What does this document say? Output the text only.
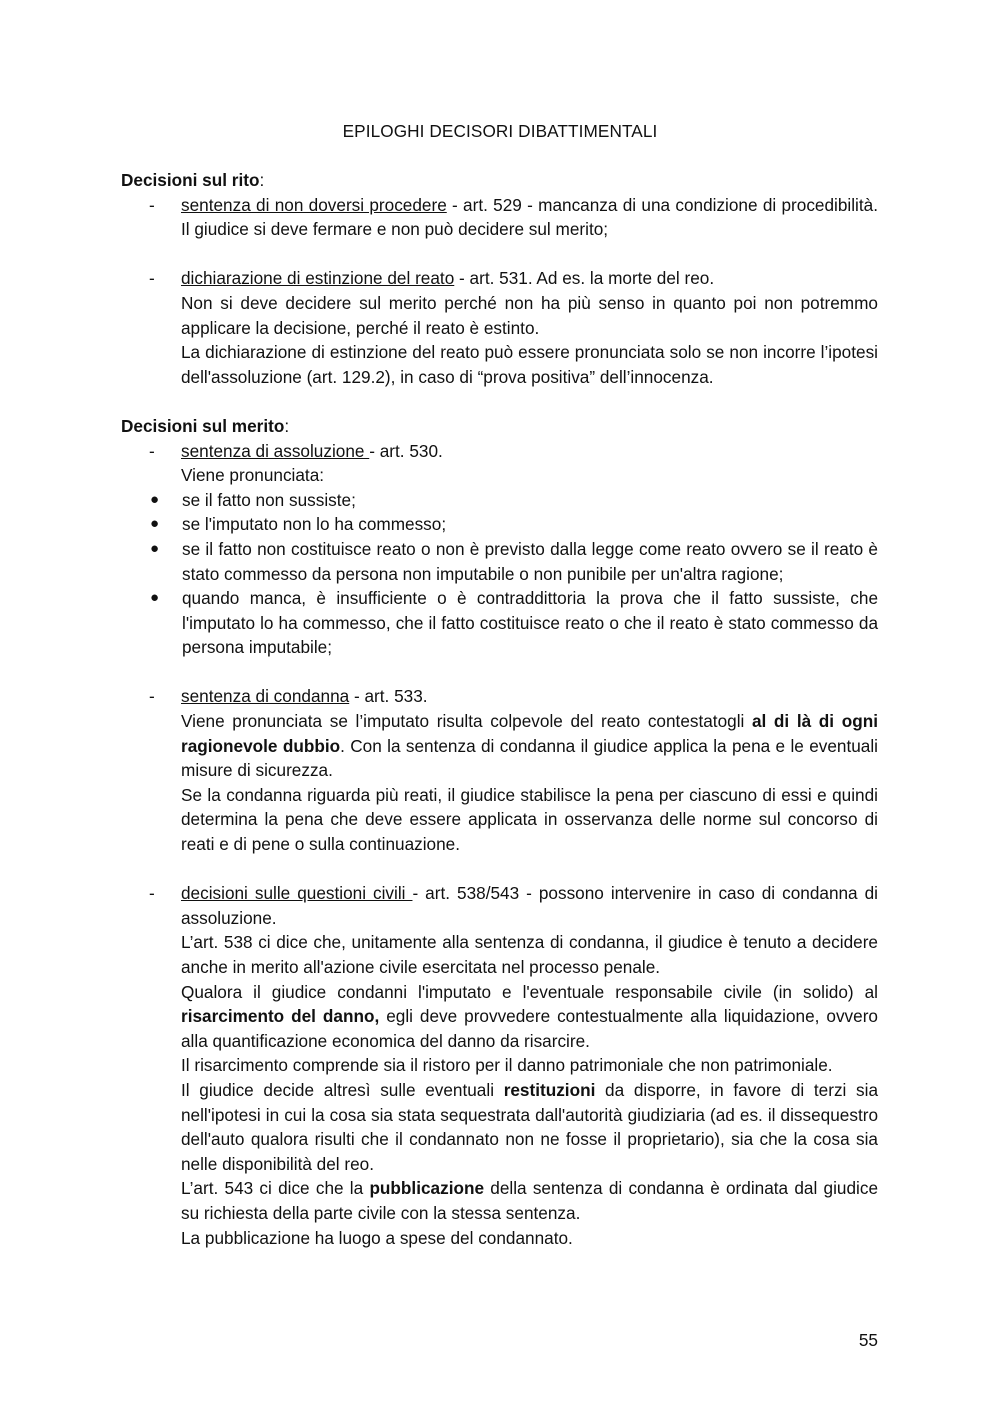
EPILOGHI DECISORI DIBATTIMENTALI

Decisioni sul rito:

- sentenza di non doversi procedere - art. 529 - mancanza di una condizione di procedibilità. Il giudice si deve fermare e non può decidere sul merito;

- dichiarazione di estinzione del reato - art. 531. Ad es. la morte del reo.

Non si deve decidere sul merito perché non ha più senso in quanto poi non potremmo applicare la decisione, perché il reato è estinto.

La dichiarazione di estinzione del reato può essere pronunciata solo se non incorre l’ipotesi dell'assoluzione (art. 129.2), in caso di “prova positiva” dell’innocenza.

Decisioni sul merito:

- sentenza di assoluzione - art. 530.

Viene pronunciata:

● se il fatto non sussiste;
● se l'imputato non lo ha commesso;
● se il fatto non costituisce reato o non è previsto dalla legge come reato ovvero se il reato è stato commesso da persona non imputabile o non punibile per un'altra ragione;
● quando manca, è insufficiente o è contraddittoria la prova che il fatto sussiste, che l'imputato lo ha commesso, che il fatto costituisce reato o che il reato è stato commesso da persona imputabile;
- sentenza di condanna - art. 533.

Viene pronunciata se l’imputato risulta colpevole del reato contestatogli al di là di ogni ragionevole dubbio. Con la sentenza di condanna il giudice applica la pena e le eventuali misure di sicurezza.

Se la condanna riguarda più reati, il giudice stabilisce la pena per ciascuno di essi e quindi determina la pena che deve essere applicata in osservanza delle norme sul concorso di reati e di pene o sulla continuazione.

- decisioni sulle questioni civili - art. 538/543 - possono intervenire in caso di condanna di assoluzione.

L’art. 538 ci dice che, unitamente alla sentenza di condanna, il giudice è tenuto a decidere anche in merito all'azione civile esercitata nel processo penale.

Qualora il giudice condanni l'imputato e l'eventuale responsabile civile (in solido) al risarcimento del danno, egli deve provvedere contestualmente alla liquidazione, ovvero alla quantificazione economica del danno da risarcire.

Il risarcimento comprende sia il ristoro per il danno patrimoniale che non patrimoniale.

Il giudice decide altresì sulle eventuali restituzioni da disporre, in favore di terzi sia nell'ipotesi in cui la cosa sia stata sequestrata dall'autorità giudiziaria (ad es. il dissequestro dell'auto qualora risulti che il condannato non ne fosse il proprietario), sia che la cosa sia nelle disponibilità del reo.

L’art. 543 ci dice che la pubblicazione della sentenza di condanna è ordinata dal giudice su richiesta della parte civile con la stessa sentenza.

La pubblicazione ha luogo a spese del condannato.

55
